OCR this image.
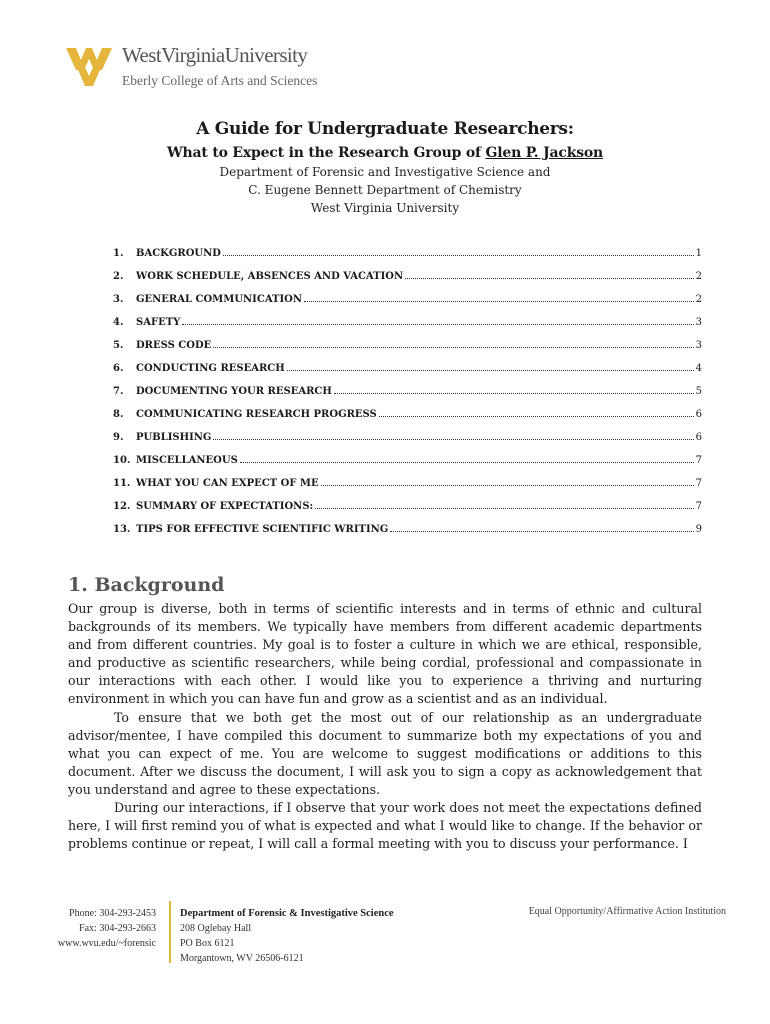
WestVirginiaUniversity
Eberly College of Arts and Sciences
A Guide for Undergraduate Researchers:
What to Expect in the Research Group of Glen P. Jackson
Department of Forensic and Investigative Science and
C. Eugene Bennett Department of Chemistry
West Virginia University
1.	BACKGROUND	1
2.	WORK SCHEDULE, ABSENCES AND VACATION	2
3.	GENERAL COMMUNICATION	2
4.	SAFETY	3
5.	DRESS CODE	3
6.	CONDUCTING RESEARCH	4
7.	DOCUMENTING YOUR RESEARCH	5
8.	COMMUNICATING RESEARCH PROGRESS	6
9.	PUBLISHING	6
10. MISCELLANEOUS	7
11. WHAT YOU CAN EXPECT OF ME	7
12. SUMMARY OF EXPECTATIONS:	7
13. TIPS FOR EFFECTIVE SCIENTIFIC WRITING	9
1. Background
Our group is diverse, both in terms of scientific interests and in terms of ethnic and cultural backgrounds of its members. We typically have members from different academic departments and from different countries. My goal is to foster a culture in which we are ethical, responsible, and productive as scientific researchers, while being cordial, professional and compassionate in our interactions with each other. I would like you to experience a thriving and nurturing environment in which you can have fun and grow as a scientist and as an individual.
To ensure that we both get the most out of our relationship as an undergraduate advisor/mentee, I have compiled this document to summarize both my expectations of you and what you can expect of me. You are welcome to suggest modifications or additions to this document. After we discuss the document, I will ask you to sign a copy as acknowledgement that you understand and agree to these expectations.
During our interactions, if I observe that your work does not meet the expectations defined here, I will first remind you of what is expected and what I would like to change. If the behavior or problems continue or repeat, I will call a formal meeting with you to discuss your performance. I
Phone: 304-293-2453
Fax: 304-293-2663
www.wvu.edu/~forensic
Department of Forensic & Investigative Science
208 Oglebay Hall
PO Box 6121
Morgantown, WV 26506-6121
Equal Opportunity/Affirmative Action Institution
